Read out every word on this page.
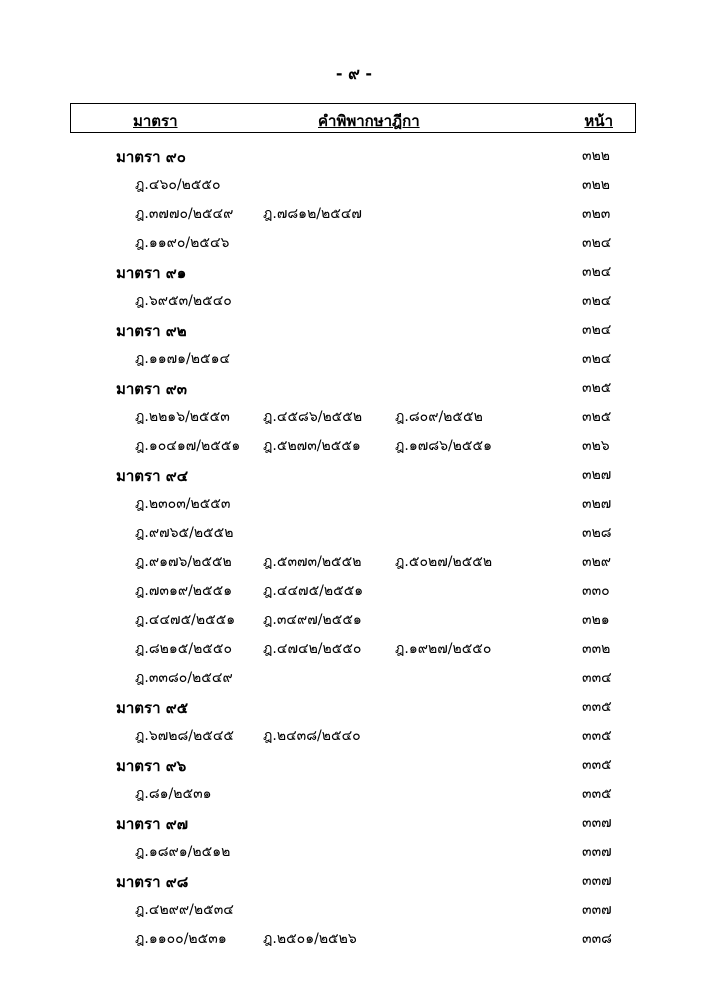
- ๙ -
มาตรา	คำพิพากษาฎีกา	หน้า
มาตรา ๙๐	๓๒๒
ฎ.๔๖๐/๒๕๕๐	๓๒๒
ฎ.๓๗๗๐/๒๕๔๙ ฎ.๗๘๑๒/๒๕๔๗	๓๒๓
ฎ.๑๑๙๐/๒๕๔๖	๓๒๔
มาตรา ๙๑	๓๒๔
ฎ.๖๙๕๓/๒๕๔๐	๓๒๔
มาตรา ๙๒	๓๒๔
ฎ.๑๑๗๑/๒๕๑๔	๓๒๔
มาตรา ๙๓	๓๒๕
ฎ.๒๒๑๖/๒๕๕๓ ฎ.๔๕๘๖/๒๕๕๒ ฎ.๘๐๙/๒๕๕๒	๓๒๕
ฎ.๑๐๔๑๗/๒๕๕๑ ฎ.๕๒๗๓/๒๕๕๑ ฎ.๑๗๘๖/๒๕๕๑	๓๒๖
มาตรา ๙๔	๓๒๗
ฎ.๒๓๐๓/๒๕๕๓	๓๒๗
ฎ.๙๗๖๕/๒๕๕๒	๓๒๘
ฎ.๙๑๗๖/๒๕๕๒ ฎ.๕๓๗๓/๒๕๕๒ ฎ.๕๐๒๗/๒๕๕๒	๓๒๙
ฎ.๗๓๑๙/๒๕๕๑ ฎ.๔๔๗๕/๒๕๕๑	๓๓๐
ฎ.๔๔๗๕/๒๕๕๑ ฎ.๓๔๙๗/๒๕๕๑	๓๒๑
ฎ.๘๒๑๕/๒๕๕๐ ฎ.๔๗๔๒/๒๕๕๐ ฎ.๑๙๒๗/๒๕๕๐	๓๓๒
ฎ.๓๓๘๐/๒๕๔๙	๓๓๔
มาตรา ๙๕	๓๓๕
ฎ.๖๗๒๘/๒๕๔๕ ฎ.๒๔๓๘/๒๕๔๐	๓๓๕
มาตรา ๙๖	๓๓๕
ฎ.๘๑/๒๕๓๑	๓๓๕
มาตรา ๙๗	๓๓๗
ฎ.๑๘๙๑/๒๕๑๒	๓๓๗
มาตรา ๙๘	๓๓๗
ฎ.๔๒๙๙/๒๕๓๔	๓๓๗
ฎ.๑๑๐๐/๒๕๓๑	ฎ.๒๕๐๑/๒๕๒๖	๓๓๘
